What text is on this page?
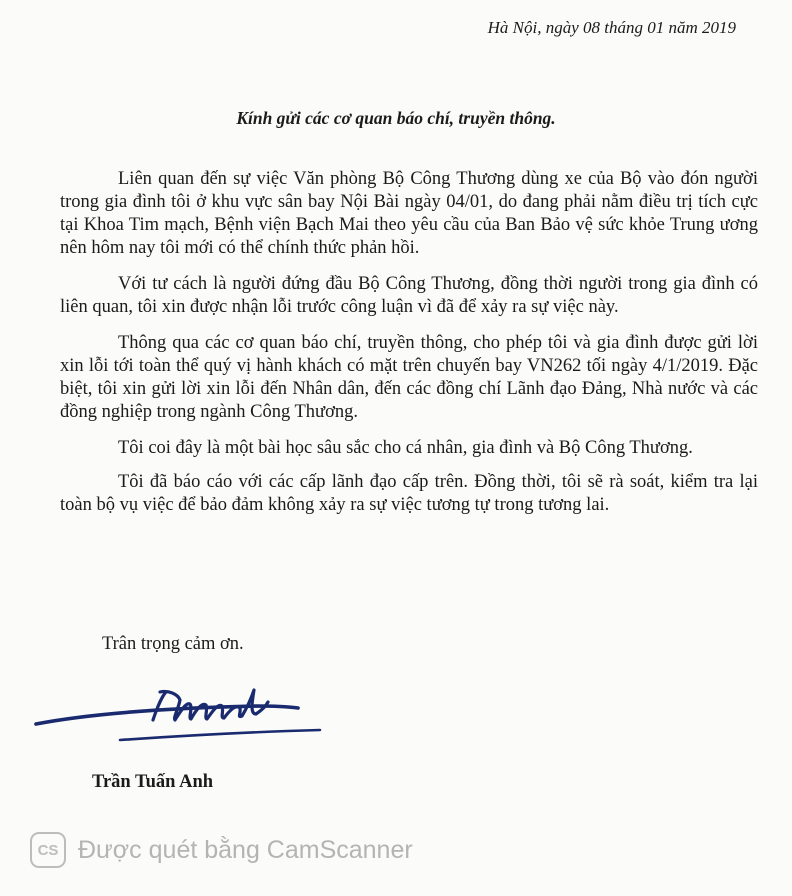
Hà Nội, ngày 08 tháng 01 năm 2019
Kính gửi các cơ quan báo chí, truyền thông.

Liên quan đến sự việc Văn phòng Bộ Công Thương dùng xe của Bộ vào đón người trong gia đình tôi ở khu vực sân bay Nội Bài ngày 04/01, do đang phải nằm điều trị tích cực tại Khoa Tim mạch, Bệnh viện Bạch Mai theo yêu cầu của Ban Bảo vệ sức khỏe Trung ương nên hôm nay tôi mới có thể chính thức phản hồi.

Với tư cách là người đứng đầu Bộ Công Thương, đồng thời người trong gia đình có liên quan, tôi xin được nhận lỗi trước công luận vì đã để xảy ra sự việc này.

Thông qua các cơ quan báo chí, truyền thông, cho phép tôi và gia đình được gửi lời xin lỗi tới toàn thể quý vị hành khách có mặt trên chuyến bay VN262 tối ngày 4/1/2019. Đặc biệt, tôi xin gửi lời xin lỗi đến Nhân dân, đến các đồng chí Lãnh đạo Đảng, Nhà nước và các đồng nghiệp trong ngành Công Thương.

Tôi coi đây là một bài học sâu sắc cho cá nhân, gia đình và Bộ Công Thương.

Tôi đã báo cáo với các cấp lãnh đạo cấp trên. Đồng thời, tôi sẽ rà soát, kiểm tra lại toàn bộ vụ việc để bảo đảm không xảy ra sự việc tương tự trong tương lai.

Trân trọng cảm ơn.
Trần Tuấn Anh
CS Được quét bằng CamScanner
